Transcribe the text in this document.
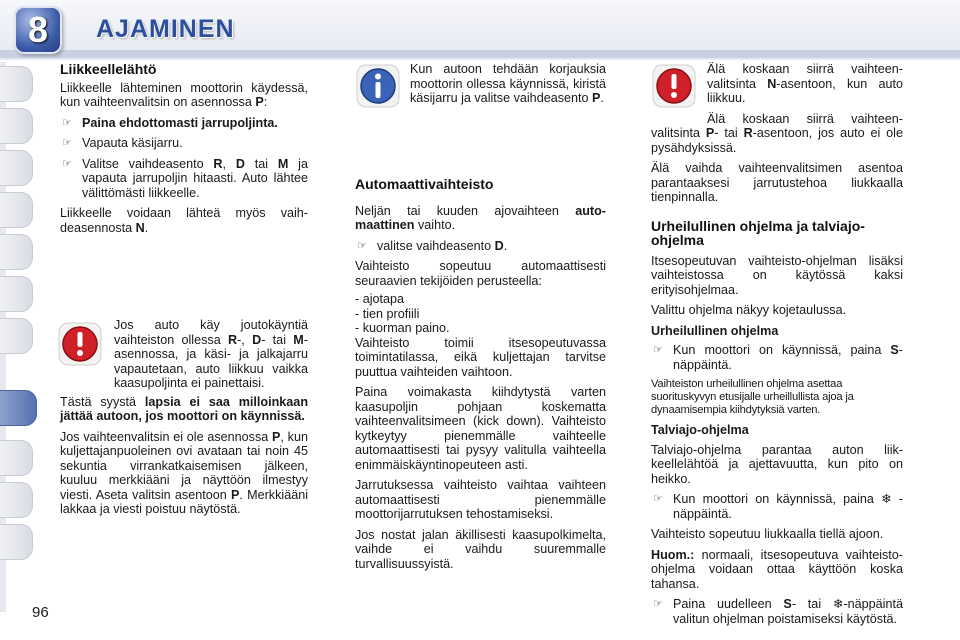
8	AJAMINEN
Liikkeellelähtö

Liikkeelle lähteminen moottorin käydessä, kun vaihteenvalitsin on asennossa P:

☞ Paina ehdottomasti jarrupoljinta.
☞ Vapauta käsijarru.
☞ Valitse vaihdeasento R, D tai M ja vapauta jarrupoljin hitaasti. Auto lähtee välittömästi liikkeelle.

Liikkeelle voidaan lähteä myös vaihdeasennosta N.

Jos auto käy joutokäyntiä vaihteiston ollessa R-, D- tai M-asennossa, ja käsi- ja jalkajarru vapautetaan, auto liikkuu vaikka kaasupoljinta ei painettaisi.

Tästä syystä lapsia ei saa milloinkaan jättää autoon, jos moottori on käynnissä.

Jos vaihteenvalitsin ei ole asennossa P, kun kuljettajanpuoleinen ovi avataan tai noin 45 sekuntia virrankatkaisemisen jälkeen, kuuluu merkkiääni ja näyttöön ilmestyy viesti. Aseta valitsin asentoon P. Merkkiääni lakkaa ja viesti poistuu näytöstä.

Kun autoon tehdään korjauksia moottorin ollessa käynnissä, kiristä käsijarru ja valitse vaihdeasento P.

Automaattivaihteisto

Neljän tai kuuden ajovaihteen automaattinen vaihto.

☞ valitse vaihdeasento D.

Vaihteisto sopeutuu automaattisesti seuraavien tekijöiden perusteella:

- ajotapa
- tien profiili
- kuorman paino.

Vaihteisto toimii itsesopeutuvassa toimintatilassa, eikä kuljettajan tarvitse puuttua vaihteiden vaihtoon.

Paina voimakasta kiihdytystä varten kaasupoljin pohjaan koskematta vaihteenvalitsimeen (kick down). Vaihteisto kytkeytyy pienemmälle vaihteelle automaattisesti tai pysyy valitulla vaihteella enimmäiskäyntinopeuteen asti.

Jarrutuksessa vaihteisto vaihtaa vaihteen automaattisesti pienemmälle moottorijarrutuksen tehostamiseksi.

Jos nostat jalan äkillisesti kaasupolkimelta, vaihde ei vaihdu suuremmalle turvallisuussyistä.

Älä koskaan siirrä vaihteenvalitsinta N-asentoon, kun auto liikkuu.

Älä koskaan siirrä vaihteenvalitsinta P- tai R-asentoon, jos auto ei ole pysähdyksissä.

Älä vaihda vaihteenvalitsimen asentoa parantaaksesi jarrutustehoa liukkaalla tienpinnalla.

Urheilullinen ohjelma ja talviajo-ohjelma

Itsesopeutuvan vaihteisto-ohjelman lisäksi vaihteistossa on käytössä kaksi erityisohjelmaa.

Valittu ohjelma näkyy kojetaulussa.

Urheilullinen ohjelma
☞ Kun moottori on käynnissä, paina S-näppäintä.

Vaihteiston urheilullinen ohjelma asettaa suorituskyvyn etusijalle urheillullista ajoa ja dynaamisempia kiihdytyksiä varten.

Talviajo-ohjelma

Talviajo-ohjelma parantaa auton liikkeellelähtöä ja ajettavuutta, kun pito on heikko.

☞ Kun moottori on käynnissä, paina ❄ -näppäintä.

Vaihteisto sopeutuu liukkaalla tiellä ajoon.

Huom.: normaali, itsesopeutuva vaihteisto-ohjelma voidaan ottaa käyttöön koska tahansa.

☞ Paina uudelleen S- tai ❄-näppäintä valitun ohjelman poistamiseksi käytöstä.
96
